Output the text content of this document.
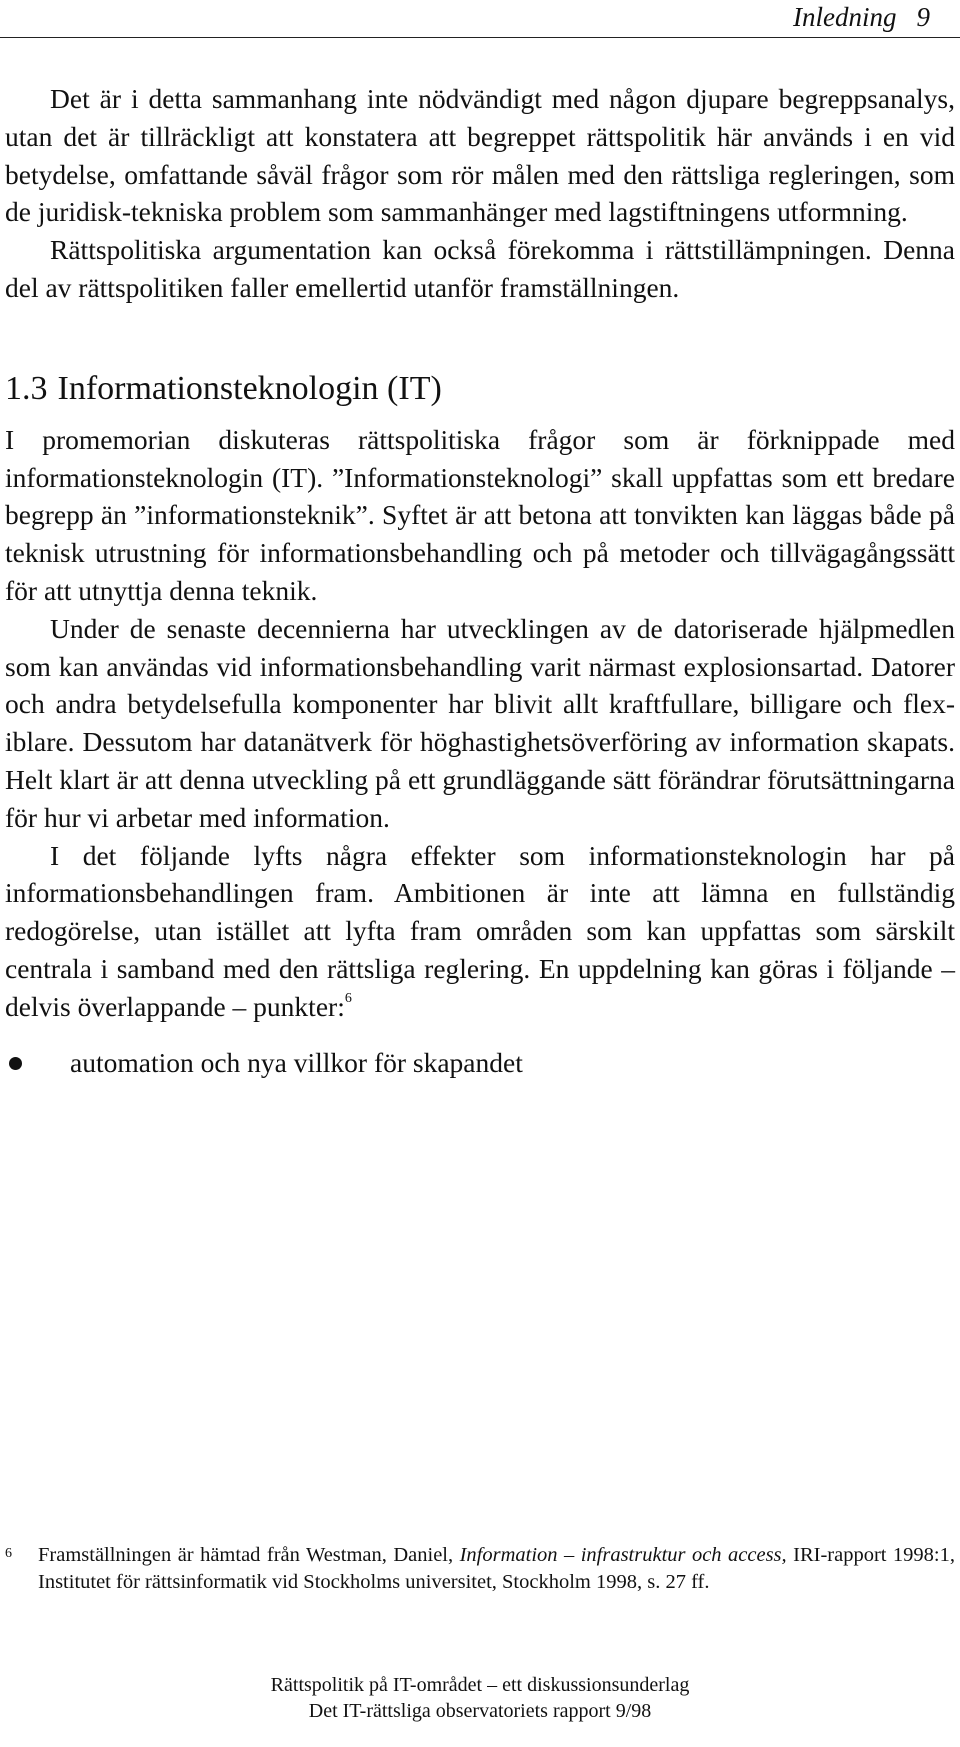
Inledning 9

Det är i detta sammanhang inte nödvändigt med någon djupare begreppsanalys, utan det är tillräckligt att konstatera att begreppet rättspolitik här används i en vid betydelse, omfattande såväl frågor som rör målen med den rättsliga regleringen, som de juridisk-tekniska problem som sammanhänger med lagstiftningens utformning.

Rättspolitiska argumentation kan också förekomma i rättstillämpningen. Denna del av rättspolitiken faller emellertid utanför framställningen.

1.3 Informationsteknologin (IT)

I promemorian diskuteras rättspolitiska frågor som är förknippade med informationsteknologin (IT). ”Informationsteknologi” skall uppfattas som ett bredare begrepp än ”informationsteknik”. Syftet är att betona att tonvikten kan läggas både på teknisk utrustning för informationsbehandling och på metoder och tillvägagångssätt för att utnyttja denna teknik.

Under de senaste decennierna har utvecklingen av de datoriserade hjälpmedlen som kan användas vid informationsbehandling varit närmast explosionsartad. Datorer och andra betydelsefulla komponenter har blivit allt kraftfullare, billigare och flexiblare. Dessutom har datanätverk för höghastighetsöverföring av information skapats. Helt klart är att denna utveckling på ett grundläggande sätt förändrar förutsättningarna för hur vi arbetar med information.

I det följande lyfts några effekter som informationsteknologin har på informationsbehandlingen fram. Ambitionen är inte att lämna en fullständig redogörelse, utan istället att lyfta fram områden som kan uppfattas som särskilt centrala i samband med den rättsliga reglering. En uppdelning kan göras i följande – delvis överlappande – punkter:$^6$

automation och nya villkor för skapandet
6 Framställningen är hämtad från Westman, Daniel, Information – infrastruktur och access, IRI-rapport 1998:1, Institutet för rättsinformatik vid Stockholms universitet, Stockholm 1998, s. 27 ff.
Rättspolitik på IT-området – ett diskussionsunderlag
Det IT-rättsliga observatoriets rapport 9/98
